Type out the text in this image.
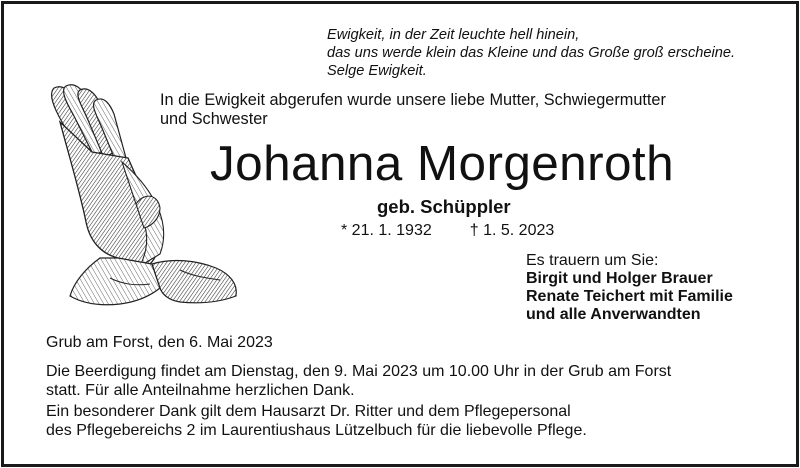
Ewigkeit, in der Zeit leuchte hell hinein,
das uns werde klein das Kleine und das Große groß erscheine.
Selge Ewigkeit.
In die Ewigkeit abgerufen wurde unsere liebe Mutter, Schwiegermutter
und Schwester
Johanna Morgenroth
geb. Schüppler
* 21. 1. 1932 † 1. 5. 2023
Es trauern um Sie:
Birgit und Holger Brauer
Renate Teichert mit Familie
und alle Anverwandten
Grub am Forst, den 6. Mai 2023
Die Beerdigung findet am Dienstag, den 9. Mai 2023 um 10.00 Uhr in der Grub am Forst
statt. Für alle Anteilnahme herzlichen Dank.
Ein besonderer Dank gilt dem Hausarzt Dr. Ritter und dem Pflegepersonal
des Pflegebereichs 2 im Laurentiushaus Lützelbuch für die liebevolle Pflege.
